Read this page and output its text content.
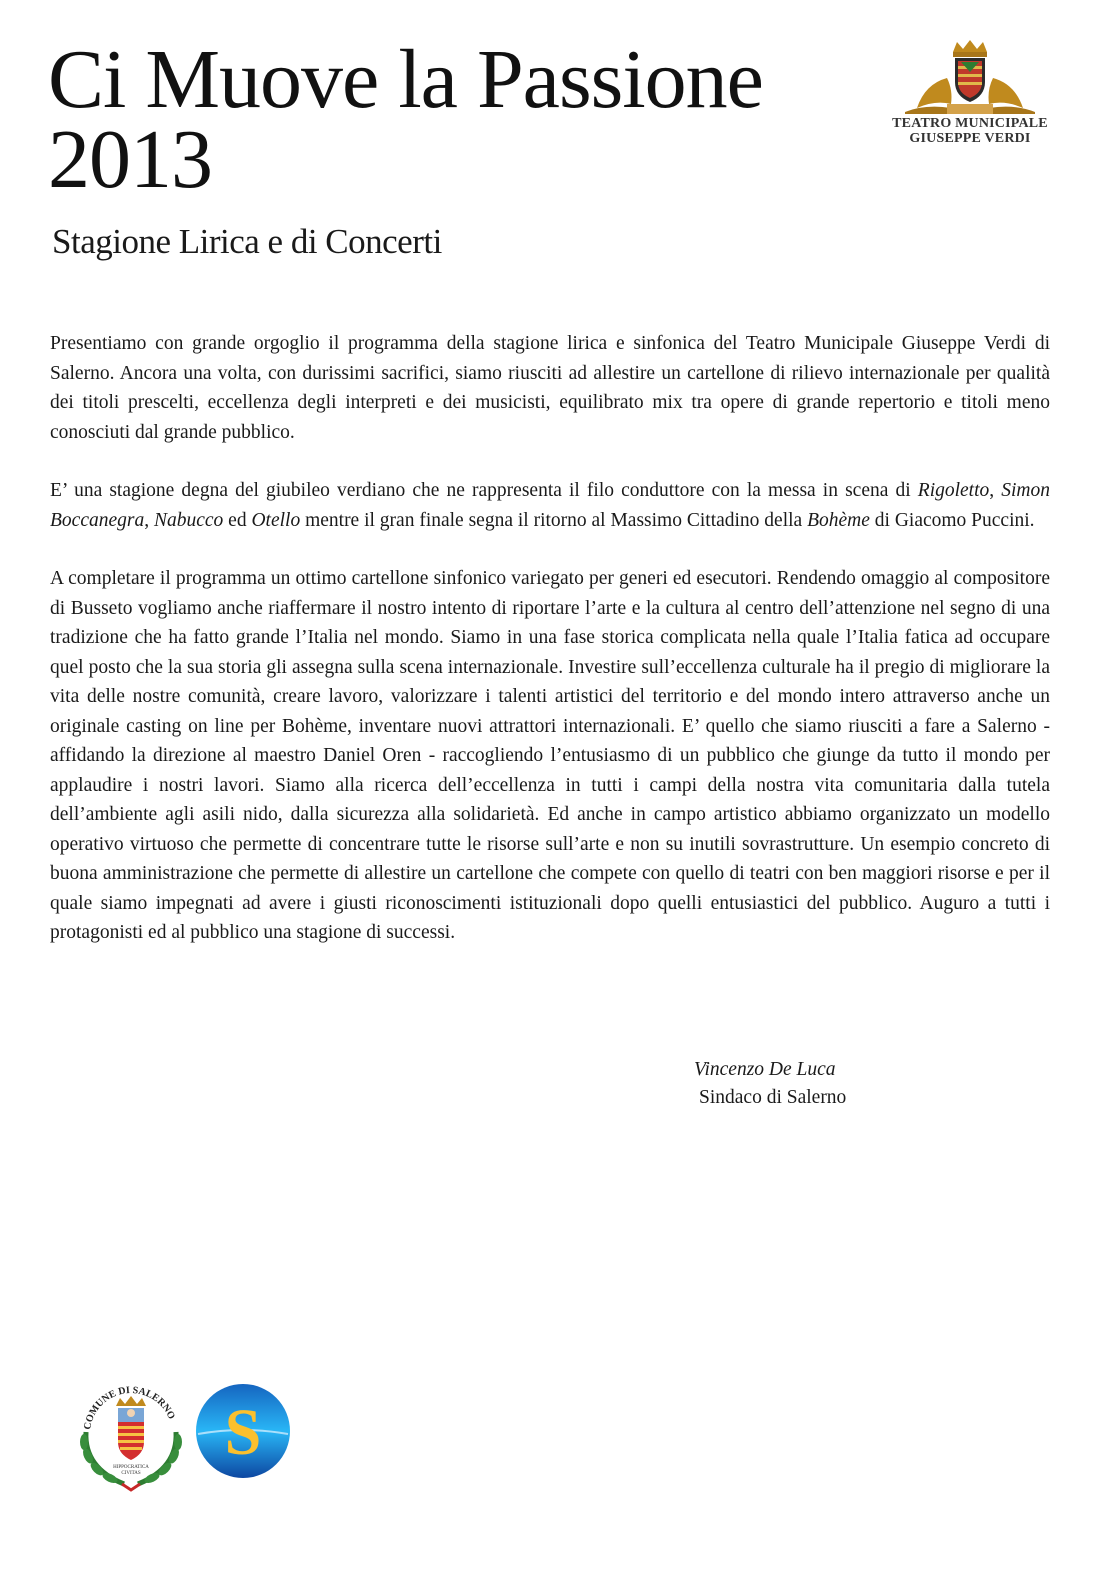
Ci Muove la Passione
2013
Stagione Lirica e di Concerti
TEATRO MUNICIPALE
GIUSEPPE VERDI

Presentiamo con grande orgoglio il programma della stagione lirica e sinfonica del Teatro Municipale Giuseppe Verdi di Salerno. Ancora una volta, con durissimi sacrifici, siamo riusciti ad allestire un cartellone di rilievo internazionale per qualità dei titoli prescelti, eccellenza degli interpreti e dei musicisti, equilibrato mix tra opere di grande repertorio e titoli meno conosciuti dal grande pubblico.

E’ una stagione degna del giubileo verdiano che ne rappresenta il filo conduttore con la messa in scena di Rigoletto, Simon Boccanegra, Nabucco ed Otello mentre il gran finale segna il ritorno al Massimo Cittadino della Bohème di Giacomo Puccini.

A completare il programma un ottimo cartellone sinfonico variegato per generi ed esecutori. Rendendo omaggio al compositore di Busseto vogliamo anche riaffermare il nostro intento di riportare l’arte e la cultura al centro dell’attenzione nel segno di una tradizione che ha fatto grande l’Italia nel mondo. Siamo in una fase storica complicata nella quale l’Italia fatica ad occupare quel posto che la sua storia gli assegna sulla scena internazionale. Investire sull’eccellenza culturale ha il pregio di migliorare la vita delle nostre comunità, creare lavoro, valorizzare i talenti artistici del territorio e del mondo intero attraverso anche un originale casting on line per Bohème, inventare nuovi attrattori internazionali. E’ quello che siamo riusciti a fare a Salerno - affidando la direzione al maestro Daniel Oren - raccogliendo l’entusiasmo di un pubblico che giunge da tutto il mondo per applaudire i nostri lavori. Siamo alla ricerca dell’eccellenza in tutti i campi della nostra vita comunitaria dalla tutela dell’ambiente agli asili nido, dalla sicurezza alla solidarietà. Ed anche in campo artistico abbiamo organizzato un modello operativo virtuoso che permette di concentrare tutte le risorse sull’arte e non su inutili sovrastrutture. Un esempio concreto di buona amministrazione che permette di allestire un cartellone che compete con quello di teatri con ben maggiori risorse e per il quale siamo impegnati ad avere i giusti riconoscimenti istituzionali dopo quelli entusiastici del pubblico. Auguro a tutti i protagonisti ed al pubblico una stagione di successi.

Vincenzo De Luca
Sindaco di Salerno
COMUNE DI SALERNO
HIPPOCRATICA
CIVITAS
S
